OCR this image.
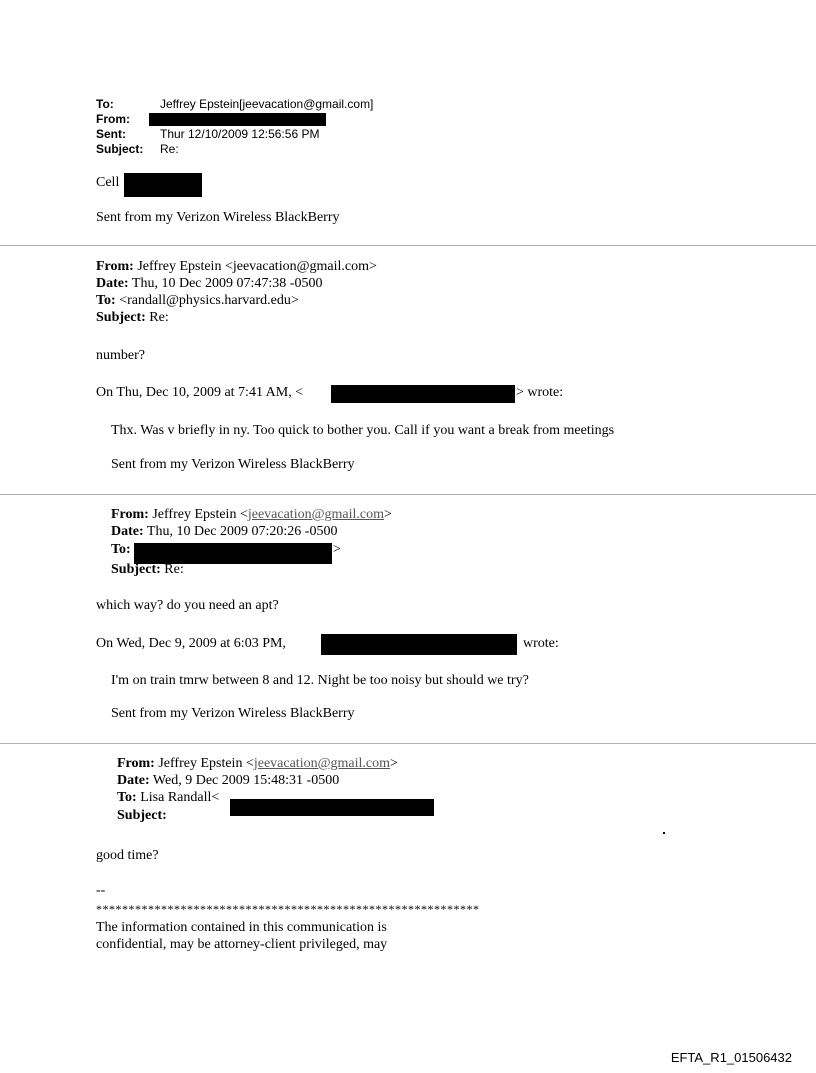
To:	Jeffrey Epstein[jeevacation@gmail.com]
From:
Sent:	Thur 12/10/2009 12:56:56 PM
Subject: Re:
Cell
Sent from my Verizon Wireless BlackBerry
From: Jeffrey Epstein <jeevacation@gmail.com>
Date: Thu, 10 Dec 2009 07:47:38 -0500
To: <randall@physics.harvard.edu>
Subject: Re:
number?
On Thu, Dec 10, 2009 at 7:41 AM, <	> wrote:
Thx. Was v briefly in ny. Too quick to bother you. Call if you want a break from meetings
Sent from my Verizon Wireless BlackBerry
From: Jeffrey Epstein <jeevacation@gmail.com>
Date: Thu, 10 Dec 2009 07:20:26 -0500
To:	>
Subject: Re:
which way? do you need an apt?
On Wed, Dec 9, 2009 at 6:03 PM,	wrote:
I'm on train tmrw between 8 and 12. Night be too noisy but should we try?
Sent from my Verizon Wireless BlackBerry
From: Jeffrey Epstein <jeevacation@gmail.com>
Date: Wed, 9 Dec 2009 15:48:31 -0500
To: Lisa Randall<
Subject:
good time?
--
***********************************************************
The information contained in this communication is
confidential, may be attorney-client privileged, may
EFTA_R1_01506432
